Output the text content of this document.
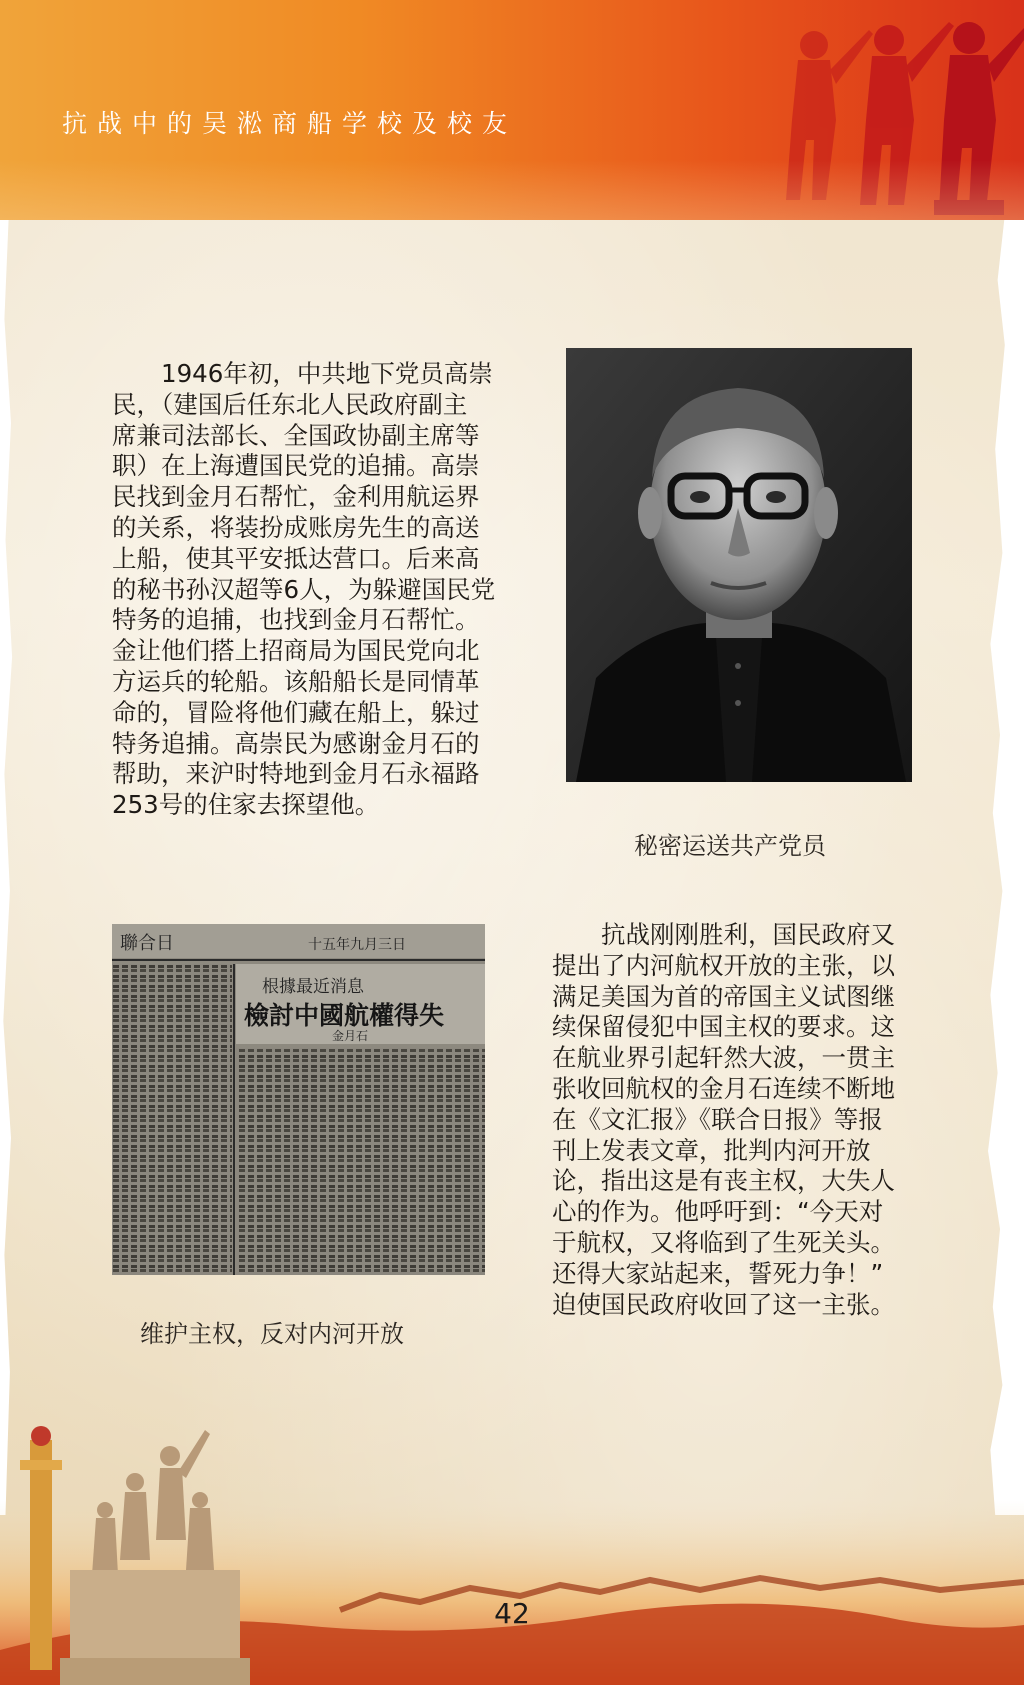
抗战中的吴淞商船学校及校友

　　1946年初，中共地下党员高崇
民，（建国后任东北人民政府副主
席兼司法部长、全国政协副主席等
职）在上海遭国民党的追捕。高崇
民找到金月石帮忙，金利用航运界
的关系，将装扮成账房先生的高送
上船，使其平安抵达营口。后来高
的秘书孙汉超等6人，为躲避国民党
特务的追捕，也找到金月石帮忙。
金让他们搭上招商局为国民党向北
方运兵的轮船。该船船长是同情革
命的，冒险将他们藏在船上，躲过
特务追捕。高崇民为感谢金月石的
帮助，来沪时特地到金月石永福路
253号的住家去探望他。

秘密运送共产党员
聯合日	十五年九月三日
根據最近消息
檢討中國航權得失
金月石
维护主权，反对内河开放

　　抗战刚刚胜利，国民政府又
提出了内河航权开放的主张，以
满足美国为首的帝国主义试图继
续保留侵犯中国主权的要求。这
在航业界引起轩然大波，一贯主
张收回航权的金月石连续不断地
在《文汇报》《联合日报》等报
刊上发表文章，批判内河开放
论，指出这是有丧主权，大失人
心的作为。他呼吁到：“今天对
于航权，又将临到了生死关头。
还得大家站起来，誓死力争！”
迫使国民政府收回了这一主张。

42
